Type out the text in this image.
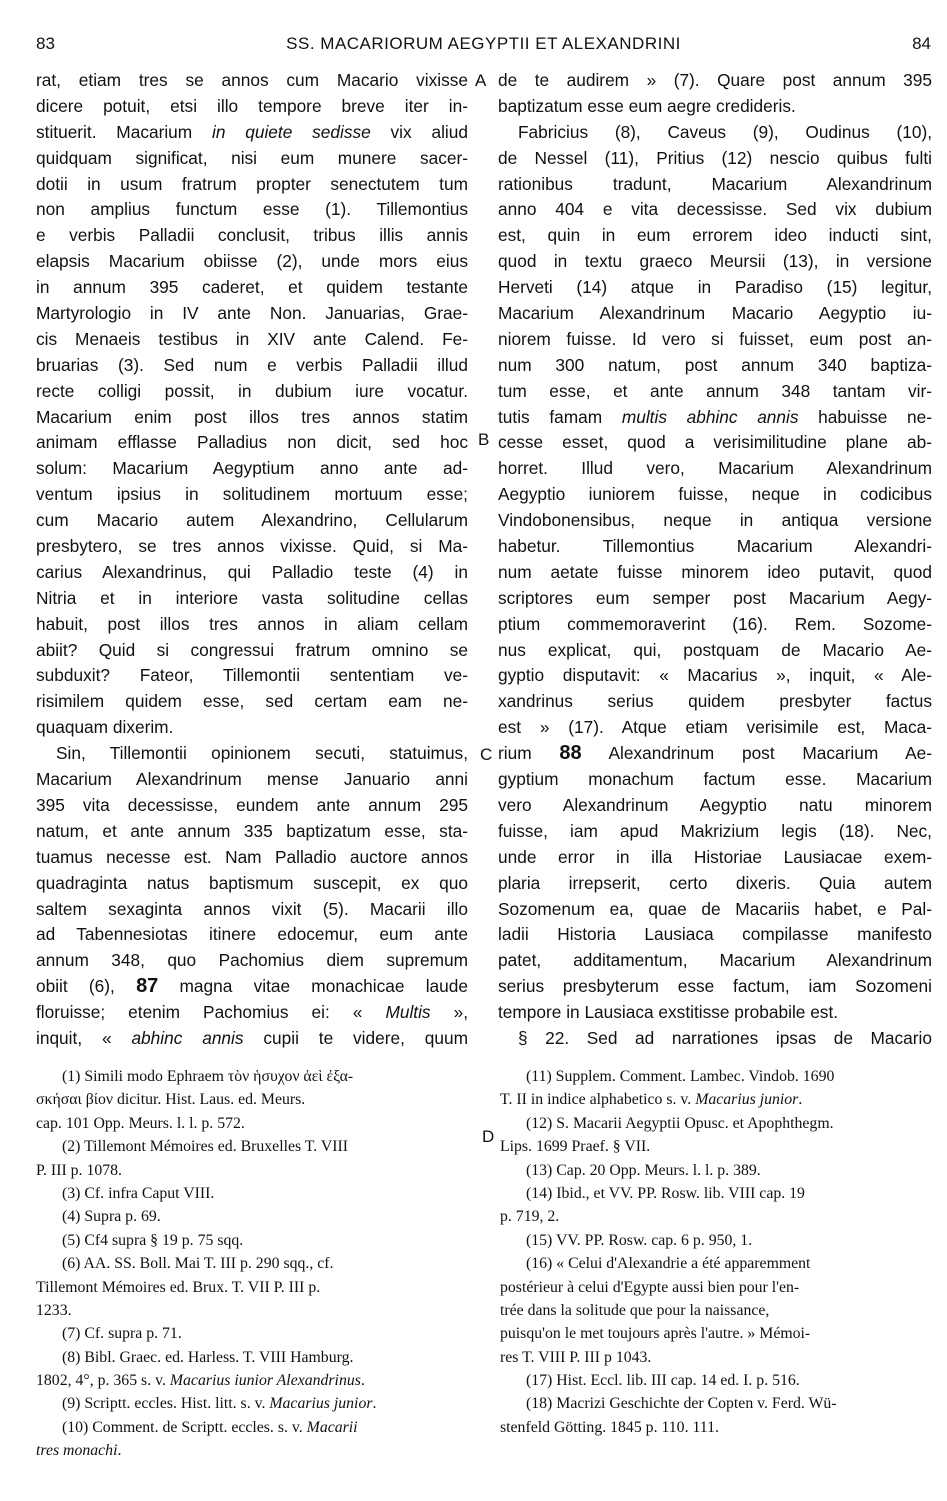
83	SS. MACARIORUM AEGYPTII ET ALEXANDRINI	84
rat, etiam tres se annos cum Macario vixisse
dicere potuit, etsi illo tempore breve iter in-
stituerit. Macarium in quiete sedisse vix aliud
quidquam significat, nisi eum munere sacer-
dotii in usum fratrum propter senectutem tum
non amplius functum esse (1). Tillemontius
e verbis Palladii conclusit, tribus illis annis
elapsis Macarium obiisse (2), unde mors eius
in annum 395 caderet, et quidem testante
Martyrologio in IV ante Non. Januarias, Grae-
cis Menaeis testibus in XIV ante Calend. Fe-
bruarias (3). Sed num e verbis Palladii illud
recte colligi possit, in dubium iure vocatur.
Macarium enim post illos tres annos statim
animam efflasse Palladius non dicit, sed hoc
solum: Macarium Aegyptium anno ante ad-
ventum ipsius in solitudinem mortuum esse;
cum Macario autem Alexandrino, Cellularum
presbytero, se tres annos vixisse. Quid, si Ma-
carius Alexandrinus, qui Palladio teste (4) in
Nitria et in interiore vasta solitudine cellas
habuit, post illos tres annos in aliam cellam
abiit? Quid si congressui fratrum omnino se
subduxit? Fateor, Tillemontii sententiam ve-
risimilem quidem esse, sed certam eam ne-
quaquam dixerim.
Sin, Tillemontii opinionem secuti, statuimus,
Macarium Alexandrinum mense Januario anni
395 vita decessisse, eundem ante annum 295
natum, et ante annum 335 baptizatum esse, sta-
tuamus necesse est. Nam Palladio auctore annos
quadraginta natus baptismum suscepit, ex quo
saltem sexaginta annos vixit (5). Macarii illo
ad Tabennesiotas itinere edocemur, eum ante
annum 348, quo Pachomius diem supremum
obiit (6), 87 magna vitae monachicae laude
floruisse; etenim Pachomius ei: « Multis »,
inquit, « abhinc annis cupii te videre, quum
de te audirem » (7). Quare post annum 395
baptizatum esse eum aegre credideris.
Fabricius (8), Caveus (9), Oudinus (10),
de Nessel (11), Pritius (12) nescio quibus fulti
rationibus tradunt, Macarium Alexandrinum
anno 404 e vita decessisse. Sed vix dubium
est, quin in eum errorem ideo inducti sint,
quod in textu graeco Meursii (13), in versione
Herveti (14) atque in Paradiso (15) legitur,
Macarium Alexandrinum Macario Aegyptio iu-
niorem fuisse. Id vero si fuisset, eum post an-
num 300 natum, post annum 340 baptiza-
tum esse, et ante annum 348 tantam vir-
tutis famam multis abhinc annis habuisse ne-
cesse esset, quod a verisimilitudine plane ab-
horret. Illud vero, Macarium Alexandrinum
Aegyptio iuniorem fuisse, neque in codicibus
Vindobonensibus, neque in antiqua versione
habetur. Tillemontius Macarium Alexandri-
num aetate fuisse minorem ideo putavit, quod
scriptores eum semper post Macarium Aegy-
ptium commemoraverint (16). Rem. Sozome-
nus explicat, qui, postquam de Macario Ae-
gyptio disputavit: « Macarius », inquit, « Ale-
xandrinus serius quidem presbyter factus
est » (17). Atque etiam verisimile est, Maca-
rium 88 Alexandrinum post Macarium Ae-
gyptium monachum factum esse. Macarium
vero Alexandrinum Aegyptio natu minorem
fuisse, iam apud Makrizium legis (18). Nec,
unde error in illa Historiae Lausiacae exem-
plaria irrepserit, certo dixeris. Quia autem
Sozomenum ea, quae de Macariis habet, e Pal-
ladii Historia Lausiaca compilasse manifesto
patet, additamentum, Macarium Alexandrinum
serius presbyterum esse factum, iam Sozomeni
tempore in Lausiaca exstitisse probabile est.
§ 22. Sed ad narrationes ipsas de Macario
A
B
C
D
(1) Simili modo Ephraem τὸν ἡσυχον ἀεὶ ἐξα-
σκήσαι βίον dicitur. Hist. Laus. ed. Meurs.
cap. 101 Opp. Meurs. l. l. p. 572.
(2) Tillemont Mémoires ed. Bruxelles T. VIII
P. III p. 1078.
(3) Cf. infra Caput VIII.
(4) Supra p. 69.
(5) Cf4 supra § 19 p. 75 sqq.
(6) AA. SS. Boll. Mai T. III p. 290 sqq., cf.
Tillemont Mémoires ed. Brux. T. VII P. III p.
1233.
(7) Cf. supra p. 71.
(8) Bibl. Graec. ed. Harless. T. VIII Hamburg.
1802, 4°, p. 365 s. v. Macarius iunior Alexandrinus.
(9) Scriptt. eccles. Hist. litt. s. v. Macarius junior.
(10) Comment. de Scriptt. eccles. s. v. Macarii
tres monachi.
(11) Supplem. Comment. Lambec. Vindob. 1690
T. II in indice alphabetico s. v. Macarius junior.
(12) S. Macarii Aegyptii Opusc. et Apophthegm.
Lips. 1699 Praef. § VII.
(13) Cap. 20 Opp. Meurs. l. l. p. 389.
(14) Ibid., et VV. PP. Rosw. lib. VIII cap. 19
p. 719, 2.
(15) VV. PP. Rosw. cap. 6 p. 950, 1.
(16) « Celui d'Alexandrie a été apparemment
postérieur à celui d'Egypte aussi bien pour l'en-
trée dans la solitude que pour la naissance,
puisqu'on le met toujours après l'autre. » Mémoi-
res T. VIII P. III p 1043.
(17) Hist. Eccl. lib. III cap. 14 ed. I. p. 516.
(18) Macrizi Geschichte der Copten v. Ferd. Wü-
stenfeld Götting. 1845 p. 110. 111.
